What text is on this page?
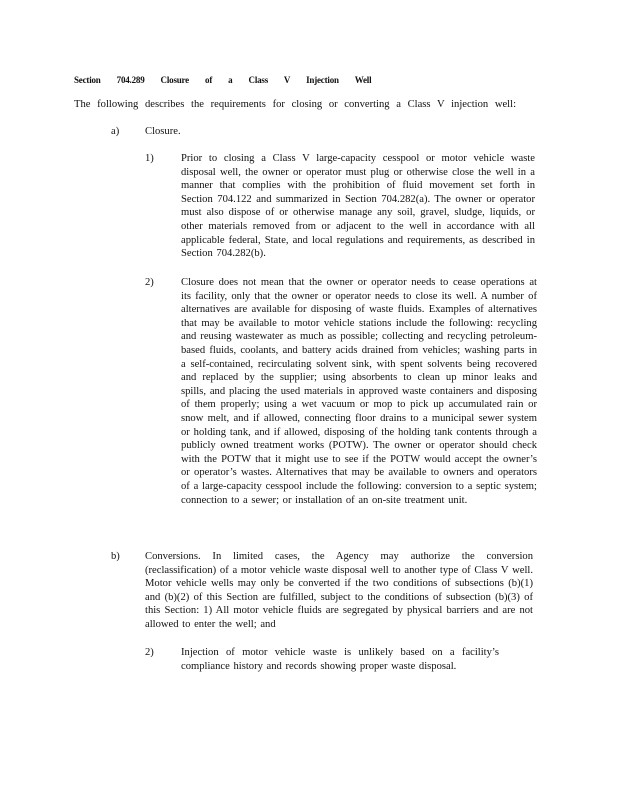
Section 704.289 Closure of a Class V Injection Well
The following describes the requirements for closing or converting a Class V injection well:
a) Closure.
1)	Prior to closing a Class V large-capacity cesspool or motor vehicle waste disposal well, the owner or operator must plug or otherwise close the well in a manner that complies with the prohibition of fluid movement set forth in Section 704.122 and summarized in Section 704.282(a). The owner or operator must also dispose of or otherwise manage any soil, gravel, sludge, liquids, or other materials removed from or adjacent to the well in accordance with all applicable federal, State, and local regulations and requirements, as described in Section 704.282(b).
2)	Closure does not mean that the owner or operator needs to cease operations at its facility, only that the owner or operator needs to close its well. A number of alternatives are available for disposing of waste fluids. Examples of alternatives that may be available to motor vehicle stations include the following: recycling and reusing wastewater as much as possible; collecting and recycling petroleum-based fluids, coolants, and battery acids drained from vehicles; washing parts in a self-contained, recirculating solvent sink, with spent solvents being recovered and replaced by the supplier; using absorbents to clean up minor leaks and spills, and placing the used materials in approved waste containers and disposing of them properly; using a wet vacuum or mop to pick up accumulated rain or snow melt, and if allowed, connecting floor drains to a municipal sewer system or holding tank, and if allowed, disposing of the holding tank contents through a publicly owned treatment works (POTW). The owner or operator should check with the POTW that it might use to see if the POTW would accept the owner’s or operator’s wastes. Alternatives that may be available to owners and operators of a large-capacity cesspool include the following: conversion to a septic system; connection to a sewer; or installation of an on-site treatment unit.
b) Conversions. In limited cases, the Agency may authorize the conversion (reclassification) of a motor vehicle waste disposal well to another type of Class V well. Motor vehicle wells may only be converted if the two conditions of subsections (b)(1) and (b)(2) of this Section are fulfilled, subject to the conditions of subsection (b)(3) of this Section: 1) All motor vehicle fluids are segregated by physical barriers and are not allowed to enter the well; and
2)	Injection of motor vehicle waste is unlikely based on a facility’s compliance history and records showing proper waste disposal.
